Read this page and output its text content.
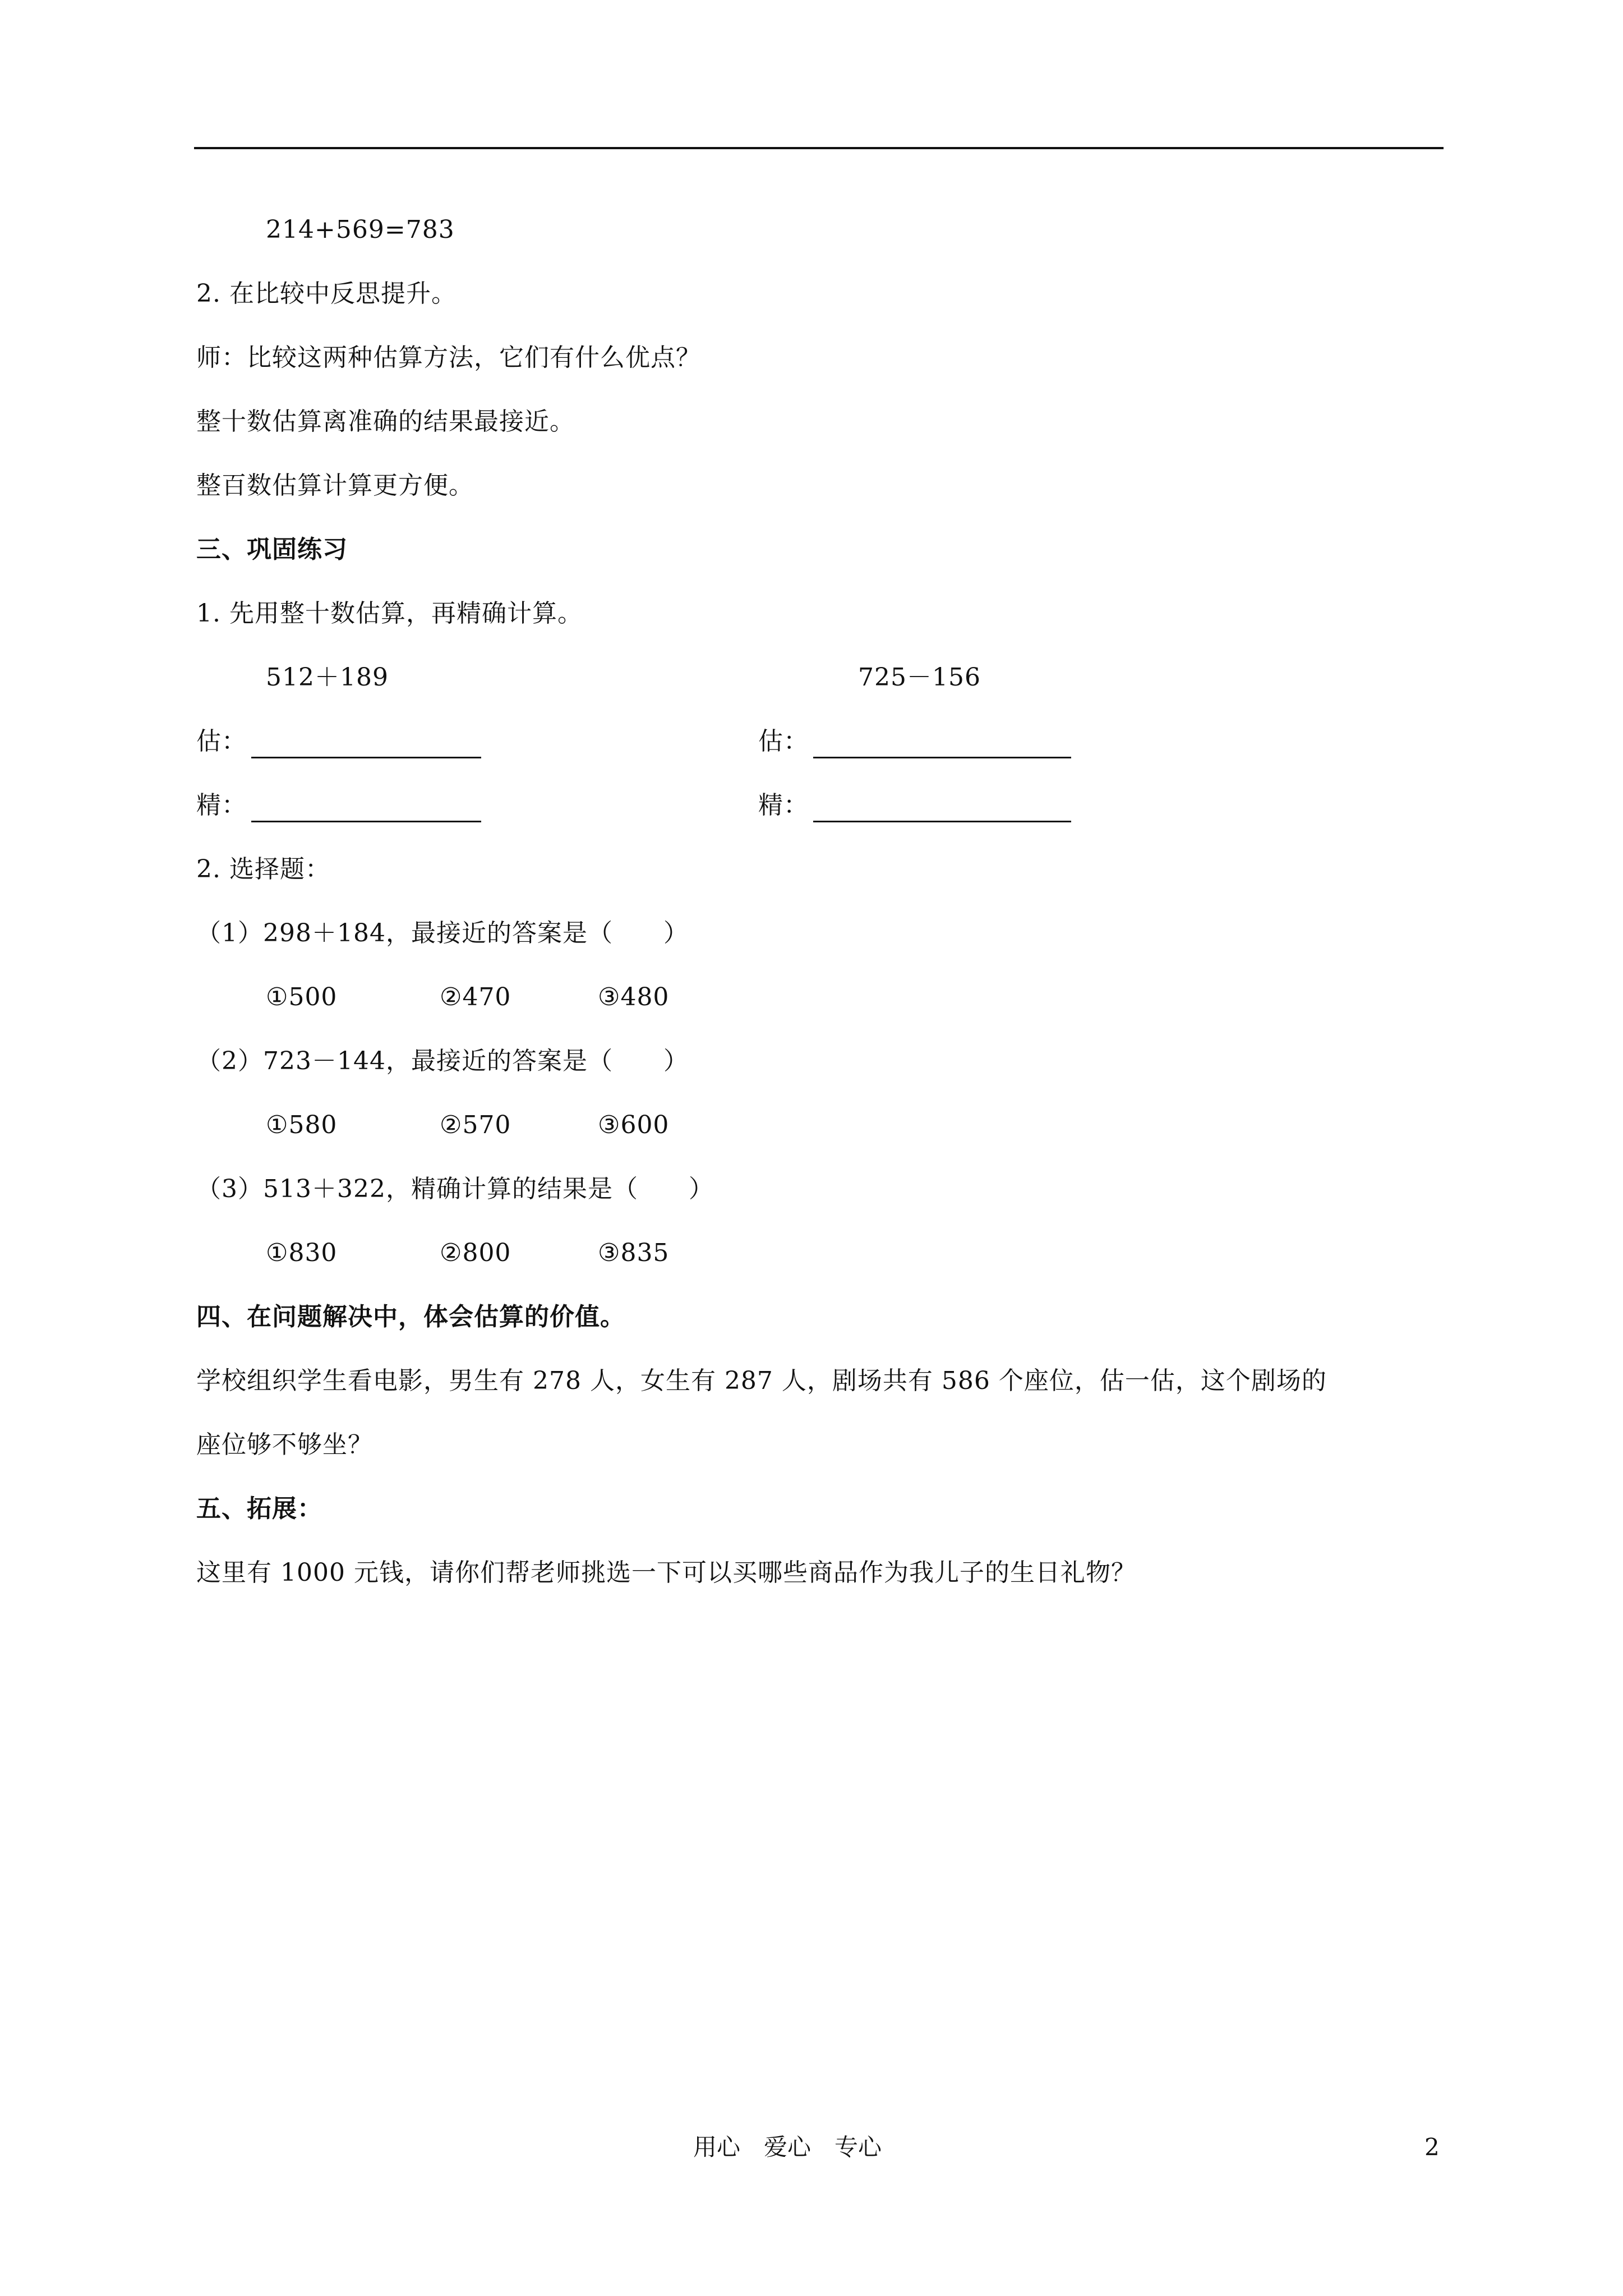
214+569=783
2. 在比较中反思提升。
师：比较这两种估算方法，它们有什么优点？
整十数估算离准确的结果最接近。
整百数估算计算更方便。
三、巩固练习
1. 先用整十数估算，再精确计算。
512＋189	725－156
估：	估：
精：	精：
2. 选择题：
（1）298＋184，最接近的答案是（　　）
①500	②470	③480
（2）723－144，最接近的答案是（　　）
①580	②570	③600
（3）513＋322，精确计算的结果是（　　）
①830	②800	③835
四、在问题解决中，体会估算的价值。
学校组织学生看电影，男生有 278 人，女生有 287 人，剧场共有 586 个座位，估一估，这个剧场的
座位够不够坐？
五、拓展：
这里有 1000 元钱，请你们帮老师挑选一下可以买哪些商品作为我儿子的生日礼物？
用心　爱心　专心	2
